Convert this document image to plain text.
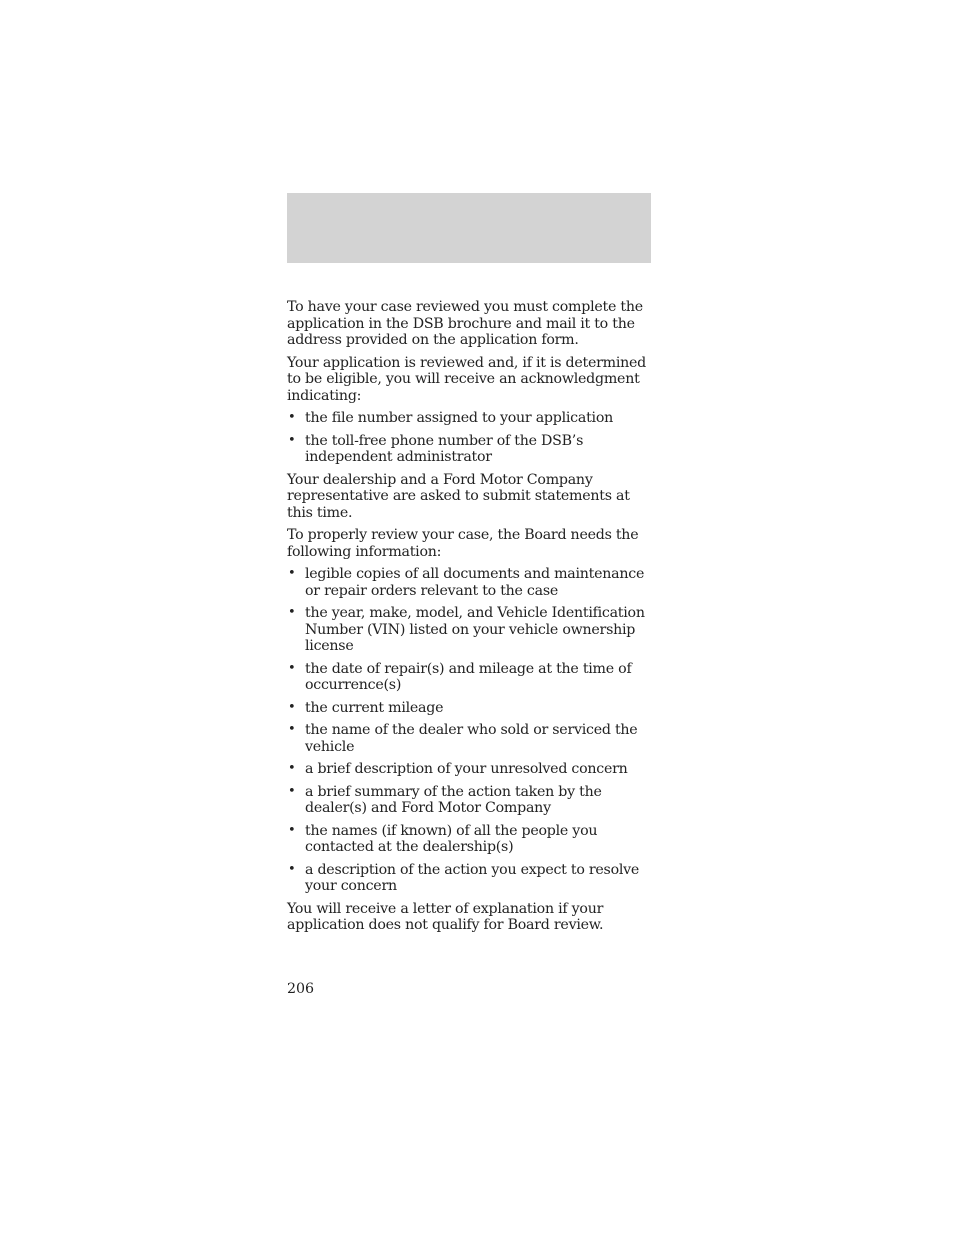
To have your case reviewed you must complete the application in the DSB brochure and mail it to the address provided on the application form.

Your application is reviewed and, if it is determined to be eligible, you will receive an acknowledgment indicating:

• the file number assigned to your application
• the toll-free phone number of the DSB’s independent administrator

Your dealership and a Ford Motor Company representative are asked to submit statements at this time.

To properly review your case, the Board needs the following information:

• legible copies of all documents and maintenance or repair orders relevant to the case
• the year, make, model, and Vehicle Identification Number (VIN) listed on your vehicle ownership license
• the date of repair(s) and mileage at the time of occurrence(s)
• the current mileage
• the name of the dealer who sold or serviced the vehicle
• a brief description of your unresolved concern
• a brief summary of the action taken by the dealer(s) and Ford Motor Company
• the names (if known) of all the people you contacted at the dealership(s)
• a description of the action you expect to resolve your concern

You will receive a letter of explanation if your application does not qualify for Board review.

206
